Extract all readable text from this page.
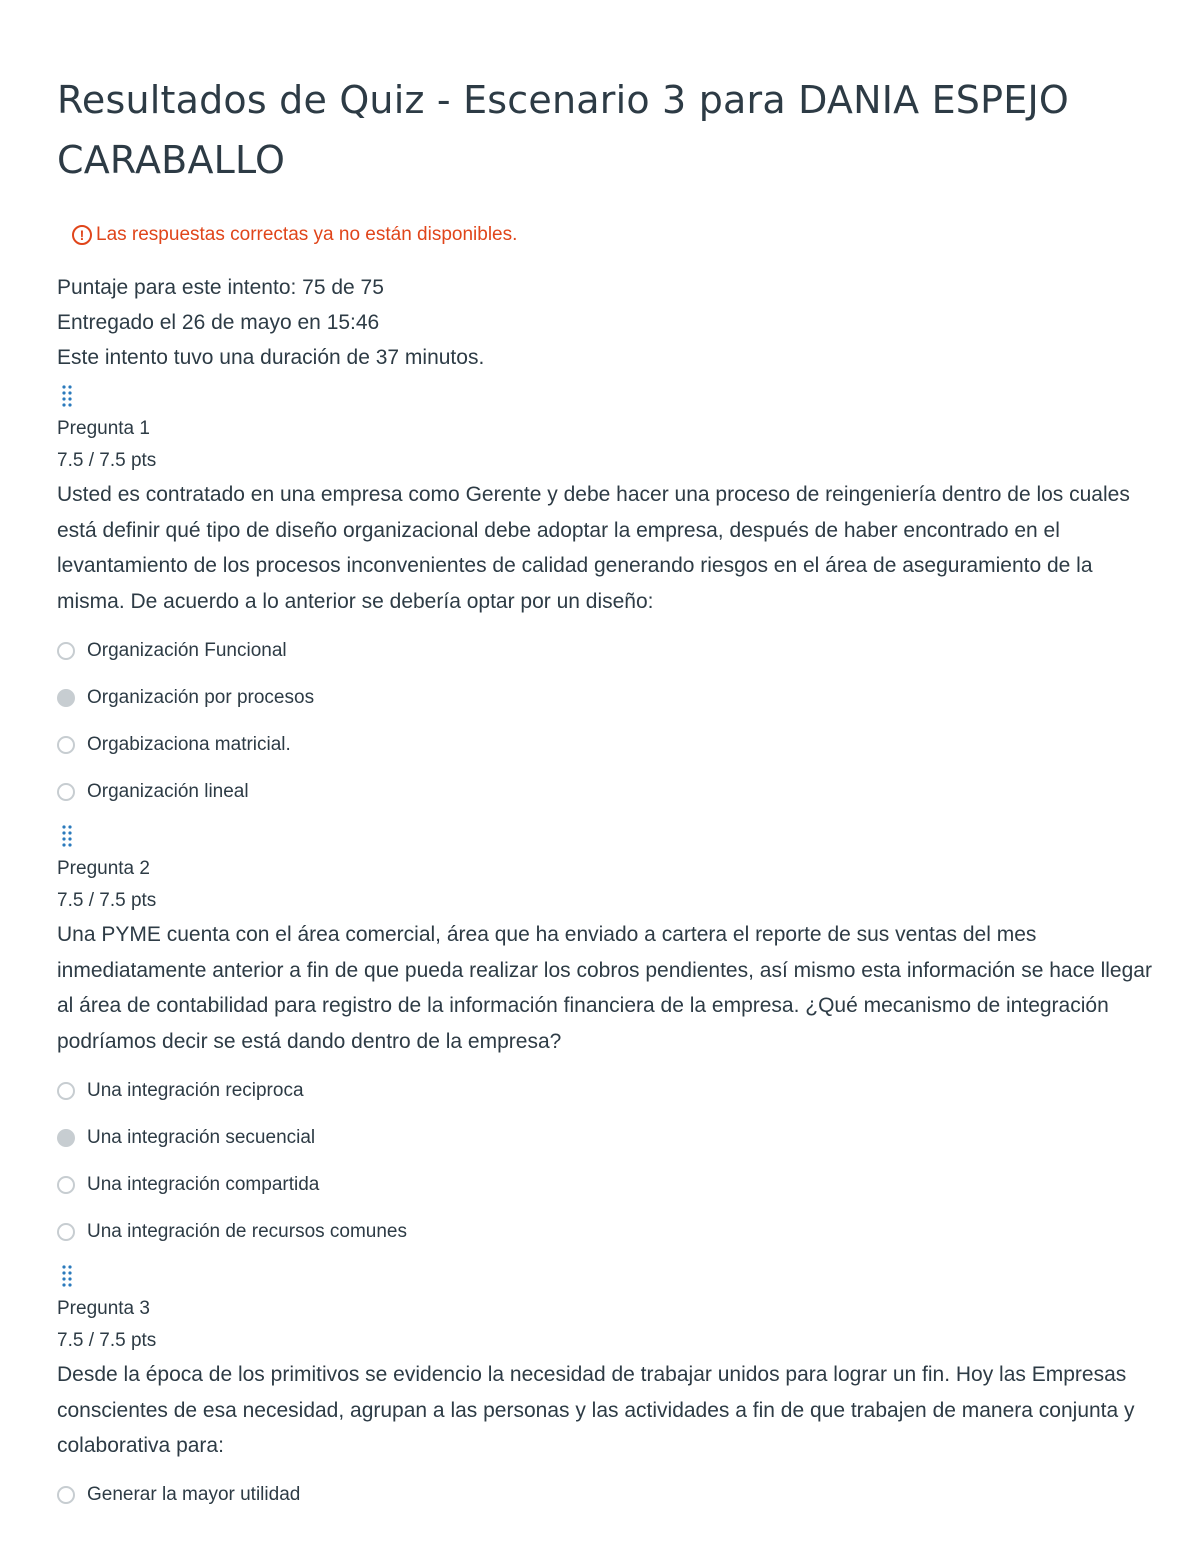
Resultados de Quiz - Escenario 3 para DANIA ESPEJO CARABALLO
! Las respuestas correctas ya no están disponibles.
Puntaje para este intento: 75 de 75
Entregado el 26 de mayo en 15:46
Este intento tuvo una duración de 37 minutos.
Pregunta 1
7.5 / 7.5 pts

Usted es contratado en una empresa como Gerente y debe hacer una proceso de reingeniería dentro de los cuales está definir qué tipo de diseño organizacional debe adoptar la empresa, después de haber encontrado en el levantamiento de los procesos inconvenientes de calidad generando riesgos en el área de aseguramiento de la misma. De acuerdo a lo anterior se debería optar por un diseño:

Organización Funcional
Organización por procesos
Orgabizaciona matricial.
Organización lineal
Pregunta 2
7.5 / 7.5 pts

Una PYME cuenta con el área comercial, área que ha enviado a cartera el reporte de sus ventas del mes inmediatamente anterior a fin de que pueda realizar los cobros pendientes, así mismo esta información se hace llegar al área de contabilidad para registro de la información financiera de la empresa. ¿Qué mecanismo de integración podríamos decir se está dando dentro de la empresa?

Una integración reciproca
Una integración secuencial
Una integración compartida
Una integración de recursos comunes
Pregunta 3
7.5 / 7.5 pts

Desde la época de los primitivos se evidencio la necesidad de trabajar unidos para lograr un fin. Hoy las Empresas conscientes de esa necesidad, agrupan a las personas y las actividades a fin de que trabajen de manera conjunta y colaborativa para:

Generar la mayor utilidad
